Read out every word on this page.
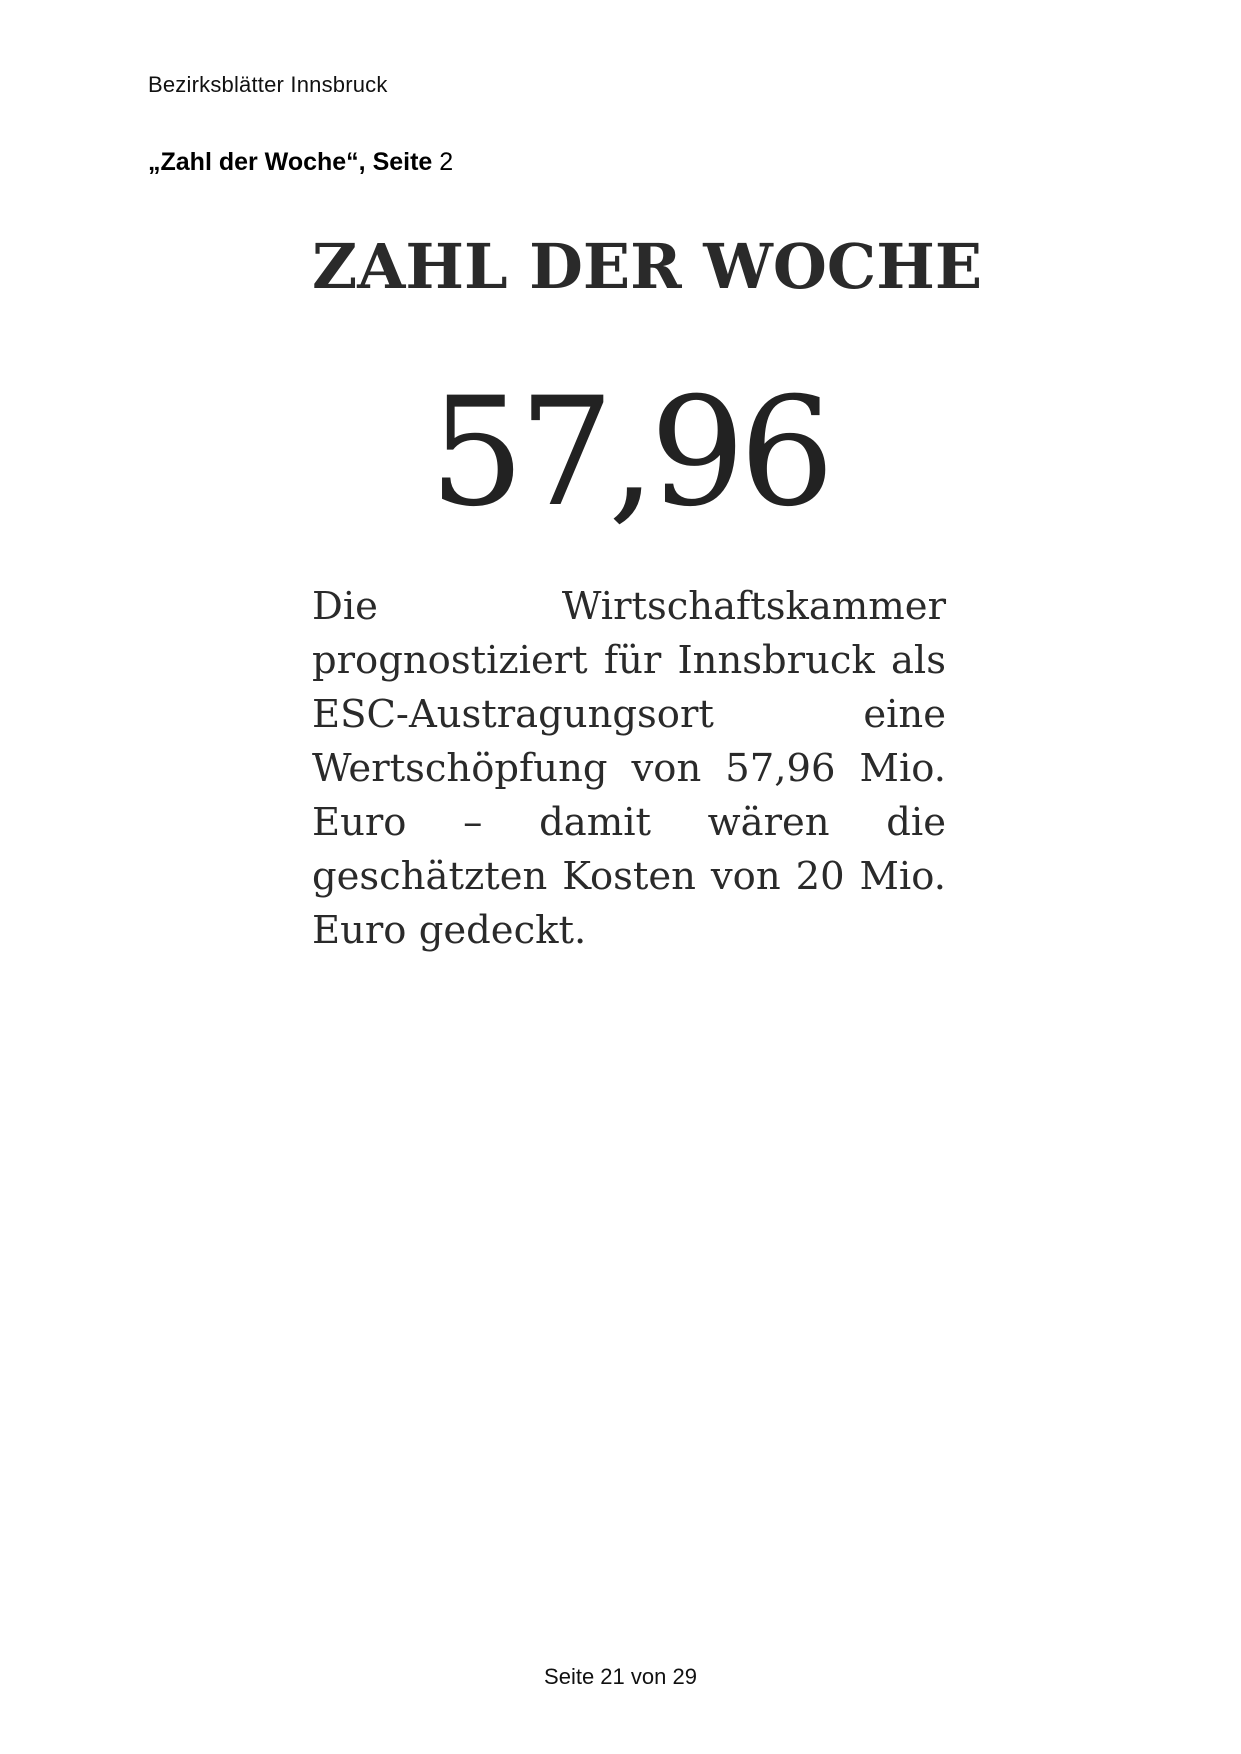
Bezirksblätter Innsbruck
„Zahl der Woche“, Seite 2
ZAHL DER WOCHE
57,96

Die Wirtschaftskammer prognostiziert für Innsbruck als ESC-Austragungsort eine Wertschöpfung von 57,96 Mio. Euro – damit wären die geschätzten Kosten von 20 Mio. Euro gedeckt.

Seite 21 von 29
